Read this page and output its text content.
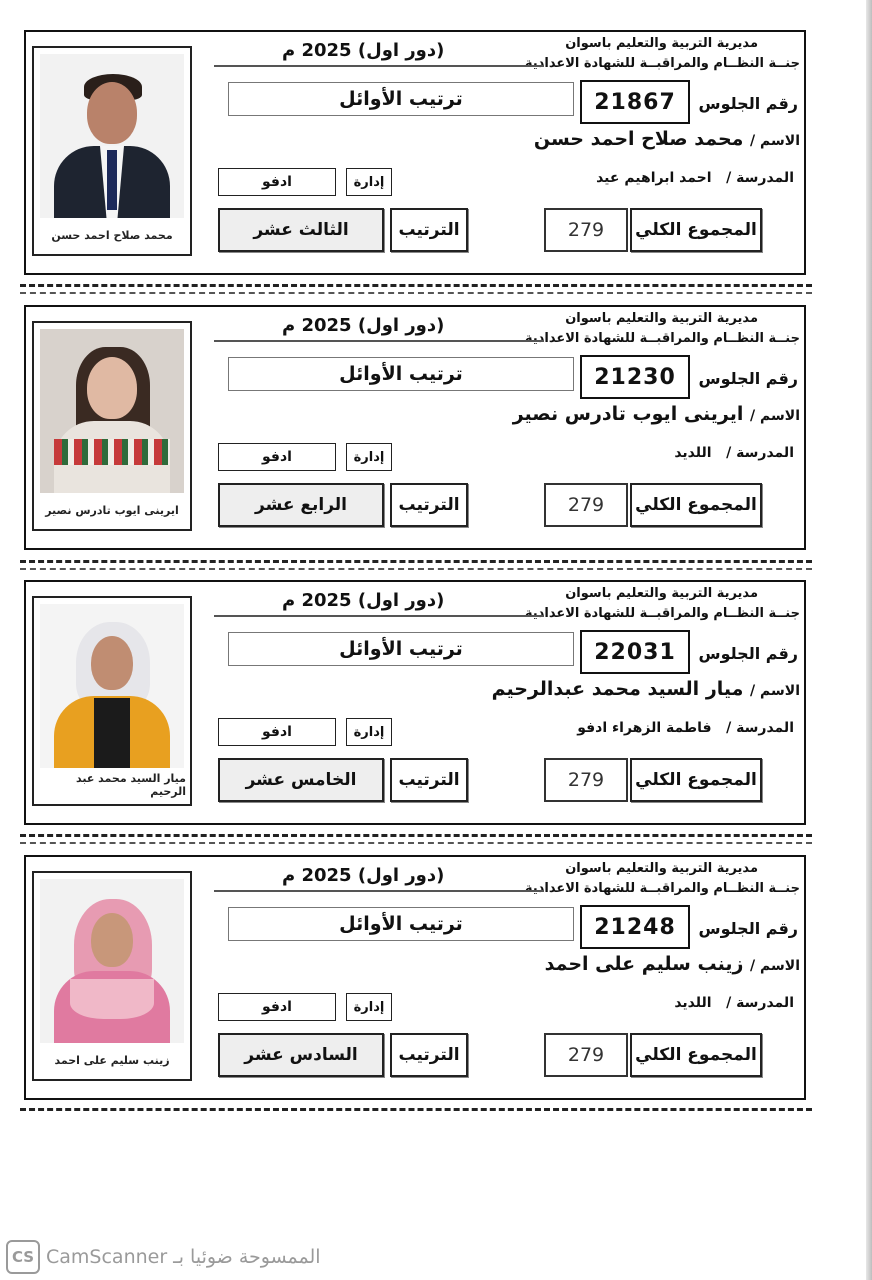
مديرية التربية والتعليم باسوان
جنــة النظــام والمراقبــة للشهادة الاعدادية
(دور اول) 2025 م
ترتيب الأوائل	21867	رقم الجلوس
الاسم / محمد صلاح احمد حسن
المدرسة /   احمد ابراهيم عيد
ادفو	إدارة
الثالث عشر	الترتيب	279	المجموع الكلي
محمد صلاح احمد حسن
مديرية التربية والتعليم باسوان
جنــة النظــام والمراقبــة للشهادة الاعدادية
(دور اول) 2025 م
ترتيب الأوائل	21230	رقم الجلوس
الاسم / ايرينى ايوب تادرس نصير
المدرسة /   اللديد
ادفو	إدارة
الرابع عشر	الترتيب	279	المجموع الكلي
ايرينى ايوب تادرس نصير
مديرية التربية والتعليم باسوان
جنــة النظــام والمراقبــة للشهادة الاعدادية
(دور اول) 2025 م
ترتيب الأوائل	22031	رقم الجلوس
الاسم / ميار السيد محمد عبدالرحيم
المدرسة /   فاطمة الزهراء ادفو
ادفو	إدارة
الخامس عشر	الترتيب	279	المجموع الكلي
ميار السيد محمد عبد الرحيم
مديرية التربية والتعليم باسوان
جنــة النظــام والمراقبــة للشهادة الاعدادية
(دور اول) 2025 م
ترتيب الأوائل	21248	رقم الجلوس
الاسم / زينب سليم على احمد
المدرسة /   اللديد
ادفو	إدارة
السادس عشر	الترتيب	279	المجموع الكلي
زينب سليم على احمد
CS CamScanner الممسوحة ضوئيا بـ
